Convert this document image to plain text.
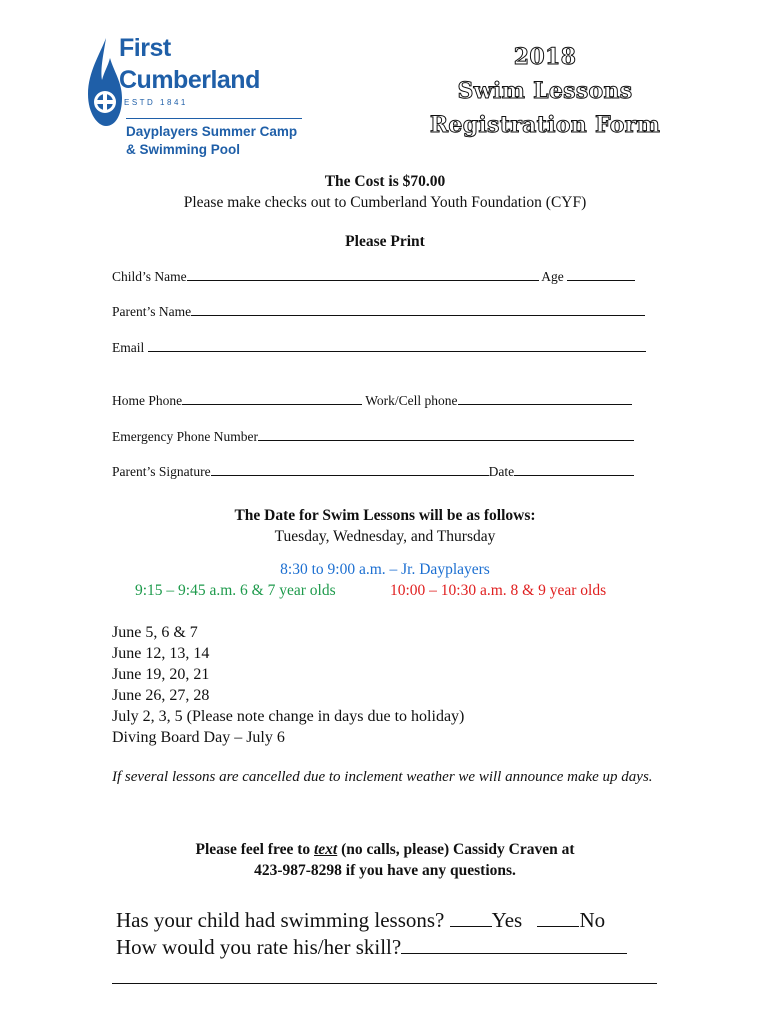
First
Cumberland
ESTD 1841
Dayplayers Summer Camp
& Swimming Pool
2018
Swim Lessons
Registration Form
The Cost is $70.00
Please make checks out to Cumberland Youth Foundation (CYF)
Please Print
Child’s Name	Age
Parent’s Name
Email
Home Phone	Work/Cell phone
Emergency Phone Number
Parent’s Signature	Date
The Date for Swim Lessons will be as follows:
Tuesday, Wednesday, and Thursday
8:30 to 9:00 a.m. – Jr. Dayplayers
9:15 – 9:45 a.m. 6 & 7 year olds	10:00 – 10:30 a.m. 8 & 9 year olds
June 5, 6 & 7
June 12, 13, 14
June 19, 20, 21
June 26, 27, 28
July 2, 3, 5 (Please note change in days due to holiday)
Diving Board Day – July 6
If several lessons are cancelled due to inclement weather we will announce make up days.
Please feel free to text (no calls, please) Cassidy Craven at
423-987-8298 if you have any questions.
Has your child had swimming lessons? Yes	No
How would you rate his/her skill?
